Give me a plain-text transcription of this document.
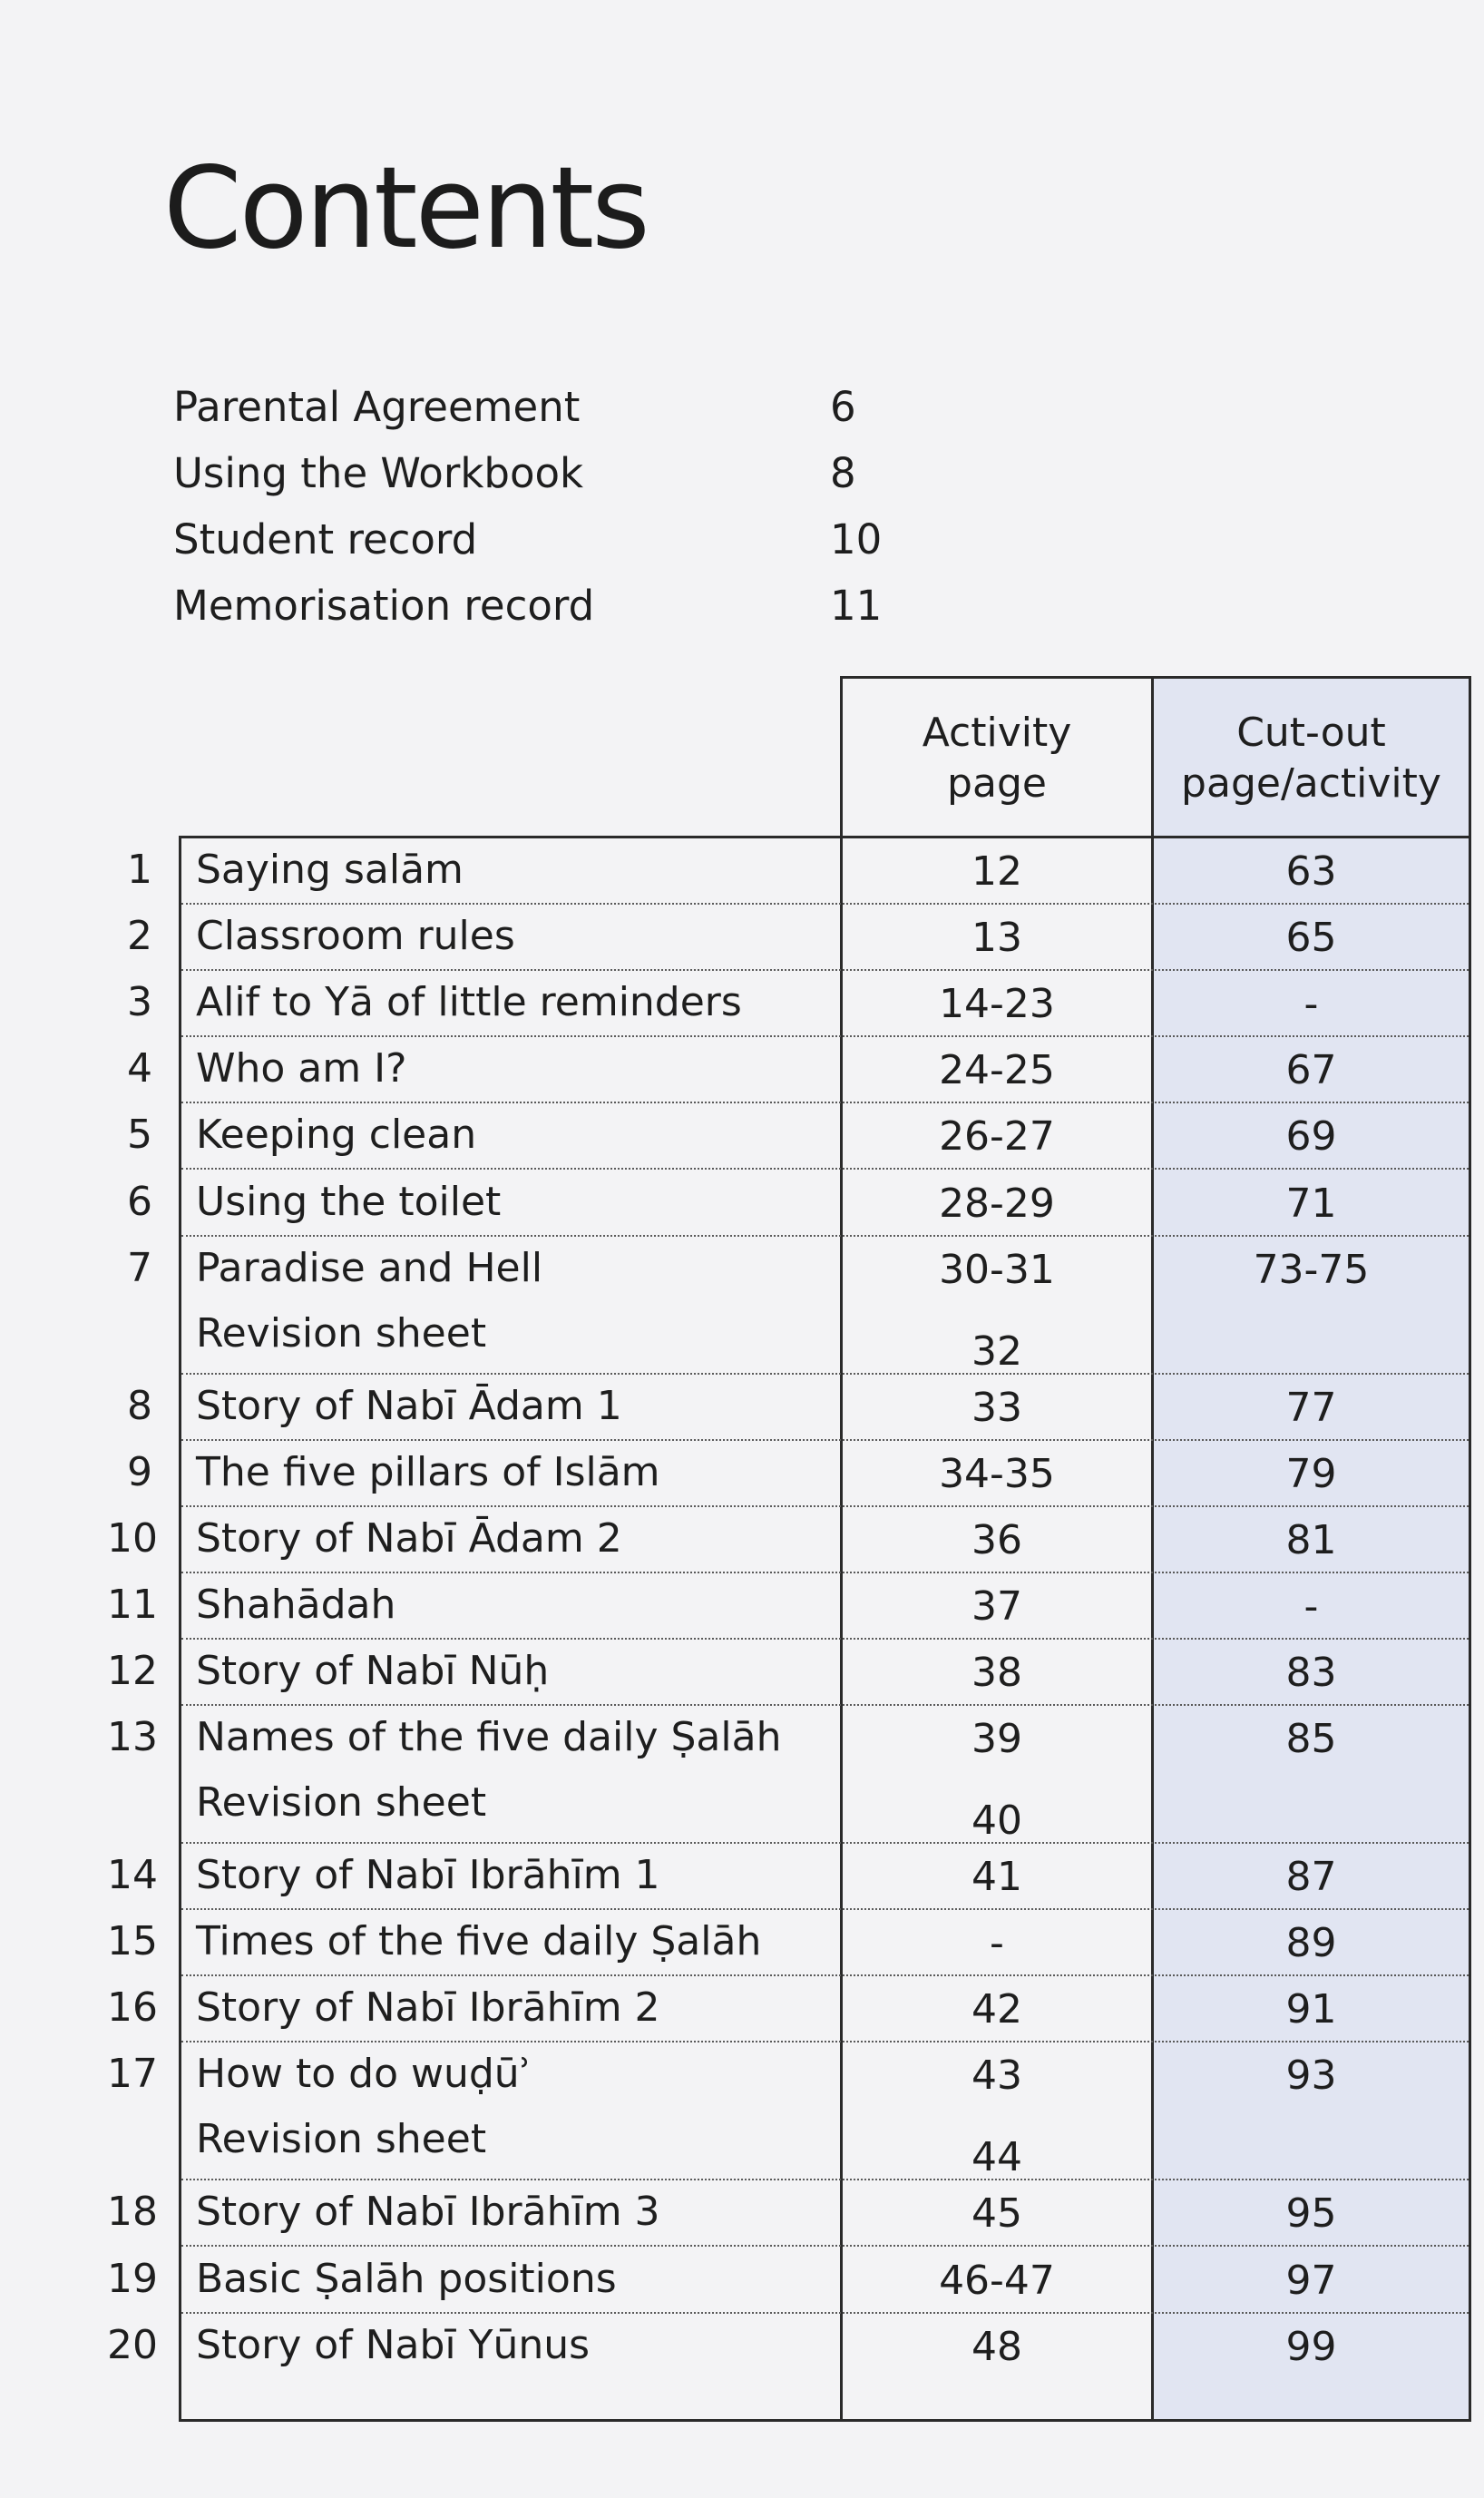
Contents
Parental Agreement	6
Using the Workbook	8
Student record	10
Memorisation record	11
Activity
page
Cut-out
page/activity
1 Saying salām	12	63
2 Classroom rules	13	65
3 Alif to Yā of little reminders	14-23	-
4 Who am I?	24-25	67
5 Keeping clean	26-27	69
6 Using the toilet	28-29	71
7 Paradise and Hell	30-31	73-75
Revision sheet	32
8 Story of Nabī Ādam 1	33	77
9 The five pillars of Islām	34-35	79
10 Story of Nabī Ādam 2	36	81
11 Shahādah	37	-
12 Story of Nabī Nūḥ	38	83
13 Names of the five daily Ṣalāh	39	85
Revision sheet	40
14 Story of Nabī Ibrāhīm 1	41	87
15 Times of the five daily Ṣalāh	-	89
16 Story of Nabī Ibrāhīm 2	42	91
17 How to do wuḍūʾ	43	93
Revision sheet	44
18 Story of Nabī Ibrāhīm 3	45	95
19 Basic Ṣalāh positions	46-47	97
20 Story of Nabī Yūnus	48	99
